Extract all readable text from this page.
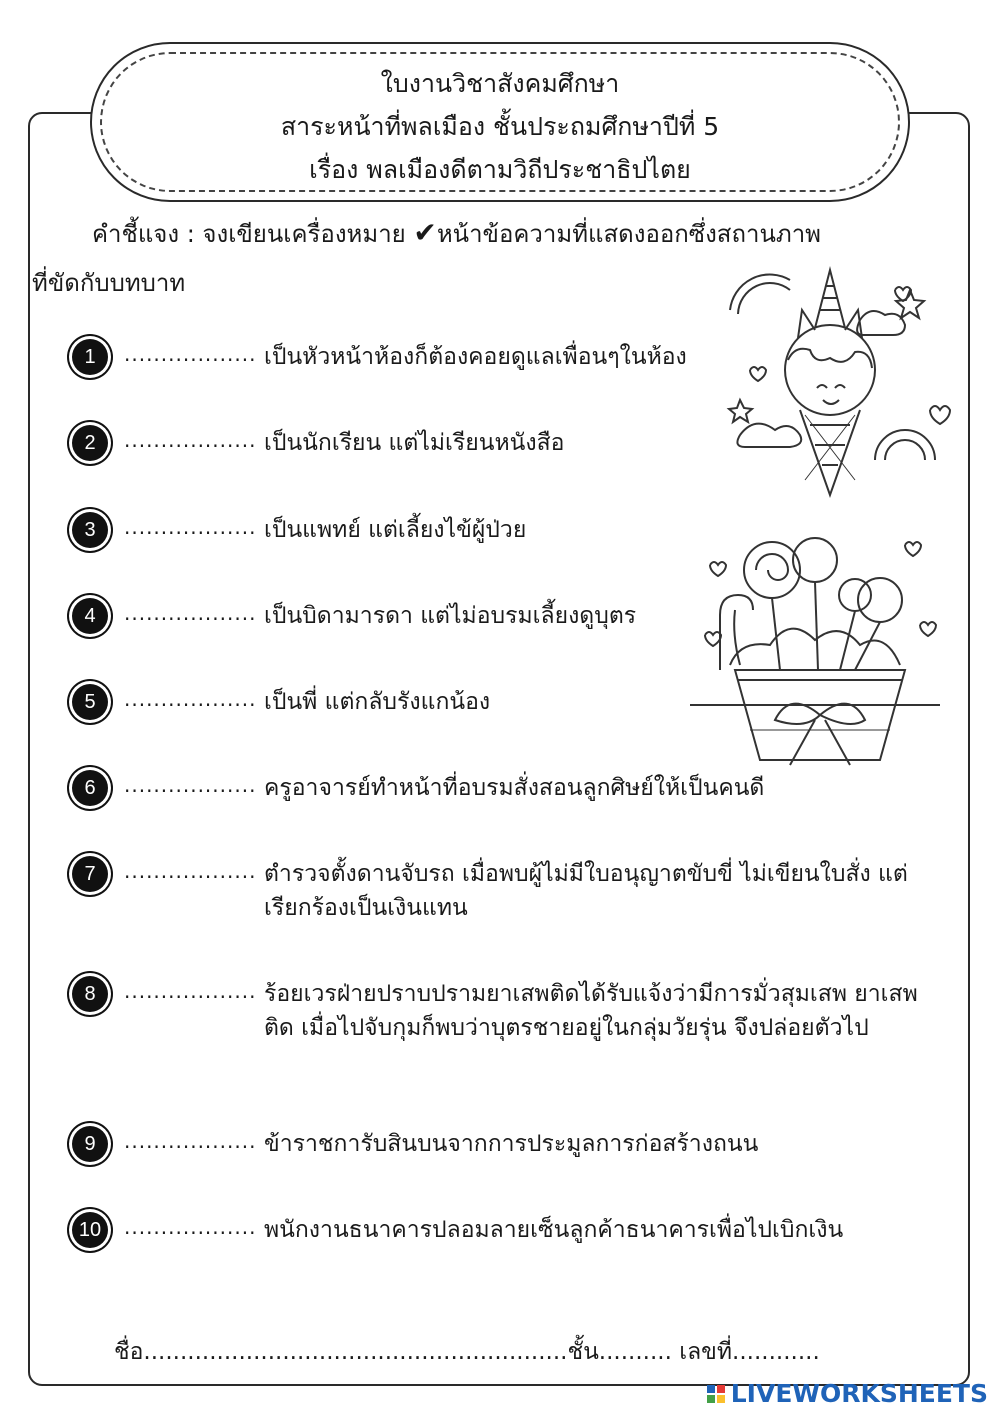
ใบงานวิชาสังคมศึกษา
สาระหน้าที่พลเมือง ชั้นประถมศึกษาปีที่ 5
เรื่อง พลเมืองดีตามวิถีประชาธิปไตย
คำชี้แจง : จงเขียนเครื่องหมาย ✔หน้าข้อความที่แสดงออกซึ่งสถานภาพ
ที่ขัดกับบทบาท
1	.................. เป็นหัวหน้าห้องก็ต้องคอยดูแลเพื่อนๆในห้อง
2	.................. เป็นนักเรียน แต่ไม่เรียนหนังสือ
3	.................. เป็นแพทย์ แต่เลี้ยงไข้ผู้ป่วย
4	.................. เป็นบิดามารดา แต่ไม่อบรมเลี้ยงดูบุตร
5	.................. เป็นพี่ แต่กลับรังแกน้อง
6	.................. ครูอาจารย์ทำหน้าที่อบรมสั่งสอนลูกศิษย์ให้เป็นคนดี
7	.................. ตำรวจตั้งดานจับรถ เมื่อพบผู้ไม่มีใบอนุญาตขับขี่ ไม่เขียนใบสั่ง แต่เรียกร้องเป็นเงินแทน
8	.................. ร้อยเวรฝ่ายปราบปรามยาเสพติดได้รับแจ้งว่ามีการมั่วสุมเสพ ยาเสพติด เมื่อไปจับกุมก็พบว่าบุตรชายอยู่ในกลุ่มวัยรุ่น จึงปล่อยตัวไป
9	.................. ข้าราชการับสินบนจากการประมูลการก่อสร้างถนน
10	.................. พนักงานธนาคารปลอมลายเซ็นลูกค้าธนาคารเพื่อไปเบิกเงิน
ชื่อ..........................................................ชั้น.......... เลขที่............
LIVEWORKSHEETS
